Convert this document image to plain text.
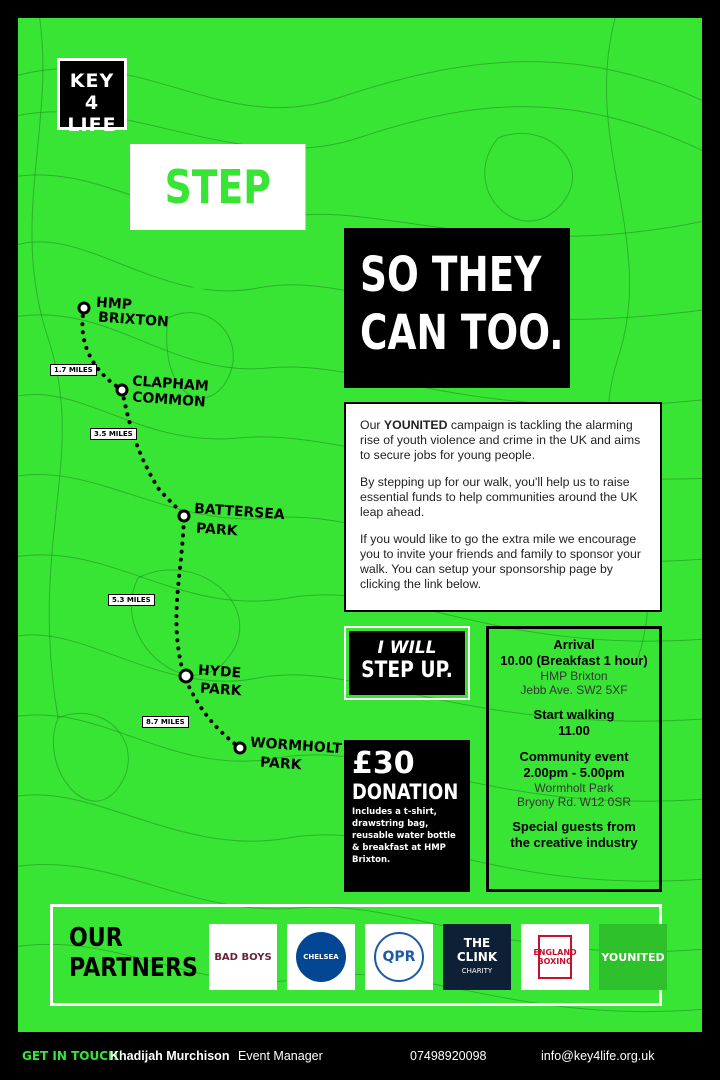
KEY 4
LIFE
STEP UP.	SO THEY
CAN TOO.
HMP
BRIXTON
CLAPHAM
COMMON
BATTERSEA
PARK
HYDE
PARK
WORMHOLT
PARK
1.7 MILES
3.5 MILES
5.3 MILES
8.7 MILES

Our YOUNITED campaign is tackling the alarming rise of youth violence and crime in the UK and aims to secure jobs for young people.

By stepping up for our walk, you'll help us to raise essential funds to help communities around the UK leap ahead.

If you would like to go the extra mile we encourage you to invite your friends and family to sponsor your walk. You can setup your sponsorship page by clicking the link below.

I WILL
STEP UP.
£30
DONATION
Includes a t-shirt, drawstring bag, reusable water bottle & breakfast at HMP Brixton.
Arrival
10.00 (Breakfast 1 hour)
HMP Brixton
Jebb Ave. SW2 5XF
Start walking
11.00
Community event
2.00pm - 5.00pm
Wormholt Park
Bryony Rd. W12 0SR
Special guests from
the creative industry
OUR
PARTNERS BAD BOYS	CHELSEA	QPR
THE CLINK
CHARITY
ENGLAND BOXING	YOUNITED
GET IN TOUCH
Khadijah Murchison Event Manager	07498920098	info@key4life.org.uk
